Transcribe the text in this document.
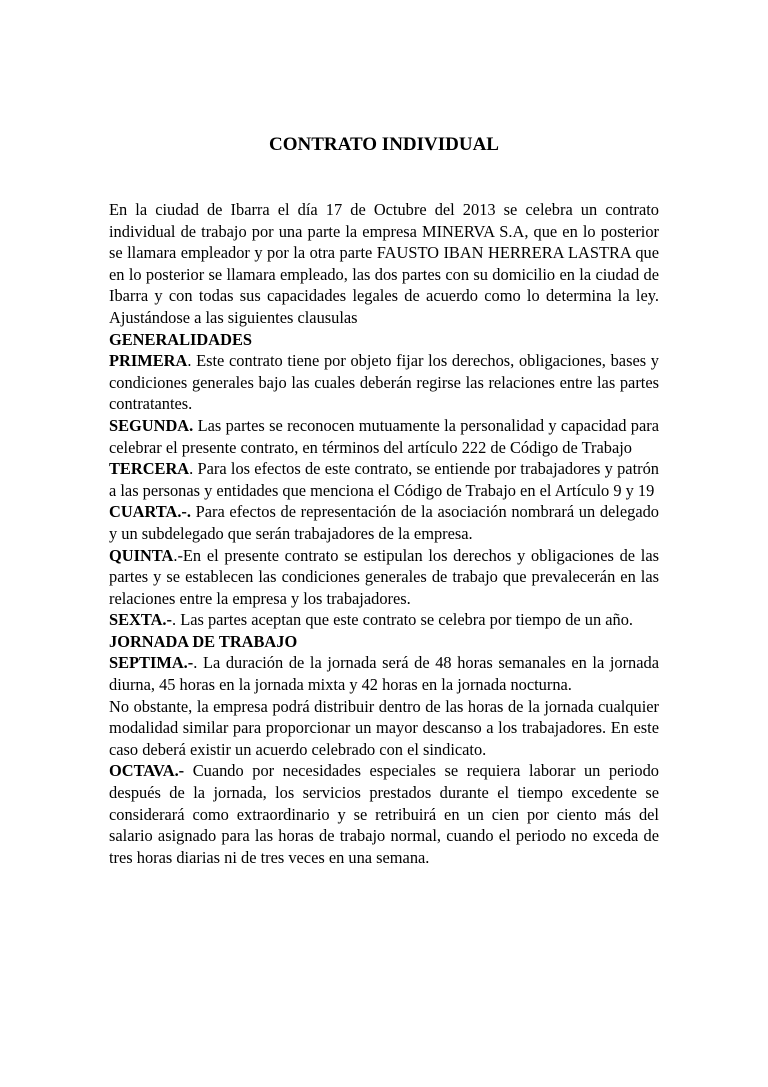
CONTRATO INDIVIDUAL

En la ciudad de Ibarra el día 17 de Octubre del 2013 se celebra un contrato individual de trabajo por una parte la empresa MINERVA S.A, que en lo posterior se llamara empleador y por la otra parte FAUSTO IBAN HERRERA LASTRA que en lo posterior se llamara empleado, las dos partes con su domicilio en la ciudad de Ibarra y con todas sus capacidades legales de acuerdo como lo determina la ley. Ajustándose a las siguientes clausulas

GENERALIDADES

PRIMERA. Este contrato tiene por objeto fijar los derechos, obligaciones, bases y condiciones generales bajo las cuales deberán regirse las relaciones entre las partes contratantes.

SEGUNDA. Las partes se reconocen mutuamente la personalidad y capacidad para celebrar el presente contrato, en términos del artículo 222 de Código de Trabajo

TERCERA. Para los efectos de este contrato, se entiende por trabajadores y patrón a las personas y entidades que menciona el Código de Trabajo en el Artículo 9 y 19

CUARTA.-. Para efectos de representación de la asociación nombrará un delegado y un subdelegado que serán trabajadores de la empresa.

QUINTA.-En el presente contrato se estipulan los derechos y obligaciones de las partes y se establecen las condiciones generales de trabajo que prevalecerán en las relaciones entre la empresa y los trabajadores.

SEXTA.-. Las partes aceptan que este contrato se celebra por tiempo de un año.

JORNADA DE TRABAJO

SEPTIMA.-. La duración de la jornada será de 48 horas semanales en la jornada diurna, 45 horas en la jornada mixta y 42 horas en la jornada nocturna.

No obstante, la empresa podrá distribuir dentro de las horas de la jornada cualquier modalidad similar para proporcionar un mayor descanso a los trabajadores. En este caso deberá existir un acuerdo celebrado con el sindicato.

OCTAVA.- Cuando por necesidades especiales se requiera laborar un periodo después de la jornada, los servicios prestados durante el tiempo excedente se considerará como extraordinario y se retribuirá en un cien por ciento más del salario asignado para las horas de trabajo normal, cuando el periodo no exceda de tres horas diarias ni de tres veces en una semana.
